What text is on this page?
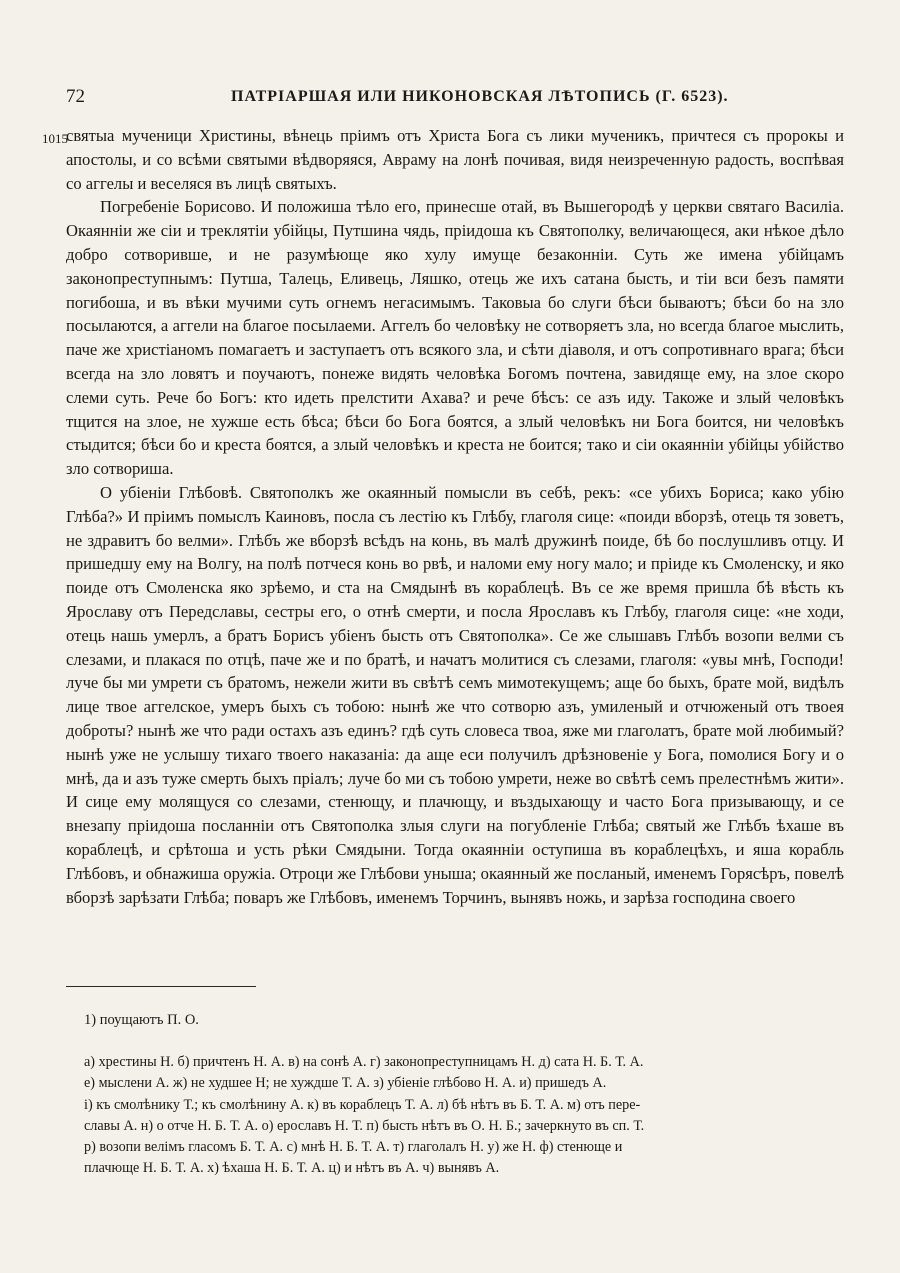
72	ПАТРІАРШАЯ ИЛИ НИКОНОВСКАЯ ЛѢТОПИСЬ (Г. 6523).
1015

святыа мученици Христины, вѣнець пріимъ отъ Христа Бога съ лики мученикъ, причтеся съ пророкы и апостолы, и со всѣми святыми вѣдворяяся, Авраму на лонѣ почивая, видя неизреченную радость, воспѣвая со аггелы и веселяся въ лицѣ святыхъ.

Погребеніе Борисово. И положиша тѣло его, принесше отай, въ Вышегородѣ у церкви святаго Василіа. Окаянніи же сіи и треклятіи убійцы, Путшина чядь, пріидоша къ Святополку, величающеся, аки нѣкое дѣло добро сотворивше, и не разумѣюще яко хулу имуще безаконніи. Суть же имена убійцамъ законопреступнымъ: Путша, Талець, Еливець, Ляшко, отець же ихъ сатана бысть, и тіи вси безъ памяти погибоша, и въ вѣки мучими суть огнемъ негасимымъ. Таковыа бо слуги бѣси бываютъ; бѣси бо на зло посылаются, а аггели на благое посылаеми. Аггелъ бо человѣку не сотворяетъ зла, но всегда благое мыслить, паче же христіаномъ помагаетъ и заступаетъ отъ всякого зла, и сѣти діаволя, и отъ сопротивнаго врага; бѣси всегда на зло ловятъ и поучаютъ, понеже видять человѣка Богомъ почтена, завидяще ему, на злое скоро слеми суть. Рече бо Богъ: кто идеть прелстити Ахава? и рече бѣсъ: се азъ иду. Такоже и злый человѣкъ тщится на злое, не хужше есть бѣса; бѣси бо Бога боятся, а злый человѣкъ ни Бога боится, ни человѣкъ стыдится; бѣси бо и креста боятся, а злый человѣкъ и креста не боится; тако и сіи окаянніи убійцы убійство зло сотвориша.

О убіеніи Глѣбовѣ. Святополкъ же окаянный помысли въ себѣ, рекъ: «се убихъ Бориса; како убію Глѣба?» И пріимъ помыслъ Каиновъ, посла съ лестію къ Глѣбу, глаголя сице: «поиди вборзѣ, отець тя зоветъ, не здравитъ бо велми». Глѣбъ же вборзѣ всѣдъ на конь, въ малѣ дружинѣ поиде, бѣ бо послушливъ отцу. И пришедшу ему на Волгу, на полѣ потчеся конь во рвѣ, и наломи ему ногу мало; и пріиде къ Смоленску, и яко поиде отъ Смоленска яко зрѣемо, и ста на Смядынѣ въ кораблецѣ. Въ се же время пришла бѣ вѣсть къ Ярославу отъ Передславы, сестры его, о отнѣ смерти, и посла Ярославъ къ Глѣбу, глаголя сице: «не ходи, отець нашь умерлъ, а братъ Борисъ убіенъ бысть отъ Святополка». Се же слышавъ Глѣбъ возопи велми съ слезами, и плакася по отцѣ, паче же и по братѣ, и начатъ молитися съ слезами, глаголя: «увы мнѣ, Господи! луче бы ми умрети съ братомъ, нежели жити въ свѣтѣ семъ мимотекущемъ; аще бо быхъ, брате мой, видѣлъ лице твое аггелское, умеръ быхъ съ тобою: нынѣ же что сотворю азъ, умиленый и отчюженый отъ твоея доброты? нынѣ же что ради остахъ азъ единъ? гдѣ суть словеса твоа, яже ми глаголатъ, брате мой любимый? нынѣ уже не услышу тихаго твоего наказаніа: да аще еси получилъ дрѣзновеніе у Бога, помолися Богу и о мнѣ, да и азъ туже смерть быхъ пріалъ; луче бо ми съ тобою умрети, неже во свѣтѣ семъ прелестнѣмъ жити». И сице ему молящуся со слезами, стенющу, и плачющу, и въздыхающу и часто Бога призывающу, и се внезапу пріидоша посланніи отъ Святополка злыя слуги на погубленіе Глѣба; святый же Глѣбъ ѣхаше въ кораблецѣ, и срѣтоша и усть рѣки Смядыни. Тогда окаянніи оступиша въ кораблецѣхъ, и яша корабль Глѣбовъ, и обнажиша оружіа. Отроци же Глѣбови уныша; окаянный же посланый, именемъ Горясѣръ, повелѣ вборзѣ зарѣзати Глѣба; поваръ же Глѣбовъ, именемъ Торчинъ, вынявъ ножь, и зарѣза господина своего

1) поущаютъ П. О.
а) хрестины Н. б) причтенъ Н. А. в) на сонѣ А. г) законопреступницамъ Н. д) сата Н. Б. Т. А.
е) мыслени А. ж) не худшее Н; не хуждше Т. А. з) убіеніе глѣбово Н. А. и) пришедъ А.
і) къ смолѣнику Т.; къ смолѣнину А. к) въ кораблецъ Т. А. л) бѣ нѣтъ въ Б. Т. А. м) отъ пере-
славы А. н) о отче Н. Б. Т. А. о) ерославъ Н. Т. п) бысть нѣтъ въ О. Н. Б.; зачеркнуто въ сп. Т.
р) возопи велімъ гласомъ Б. Т. А. с) мнѣ Н. Б. Т. А. т) глаголалъ Н. у) же Н. ф) стенюще и
плачюще Н. Б. Т. А. х) ѣхаша Н. Б. Т. А. ц) и нѣтъ въ А. ч) вынявъ А.
